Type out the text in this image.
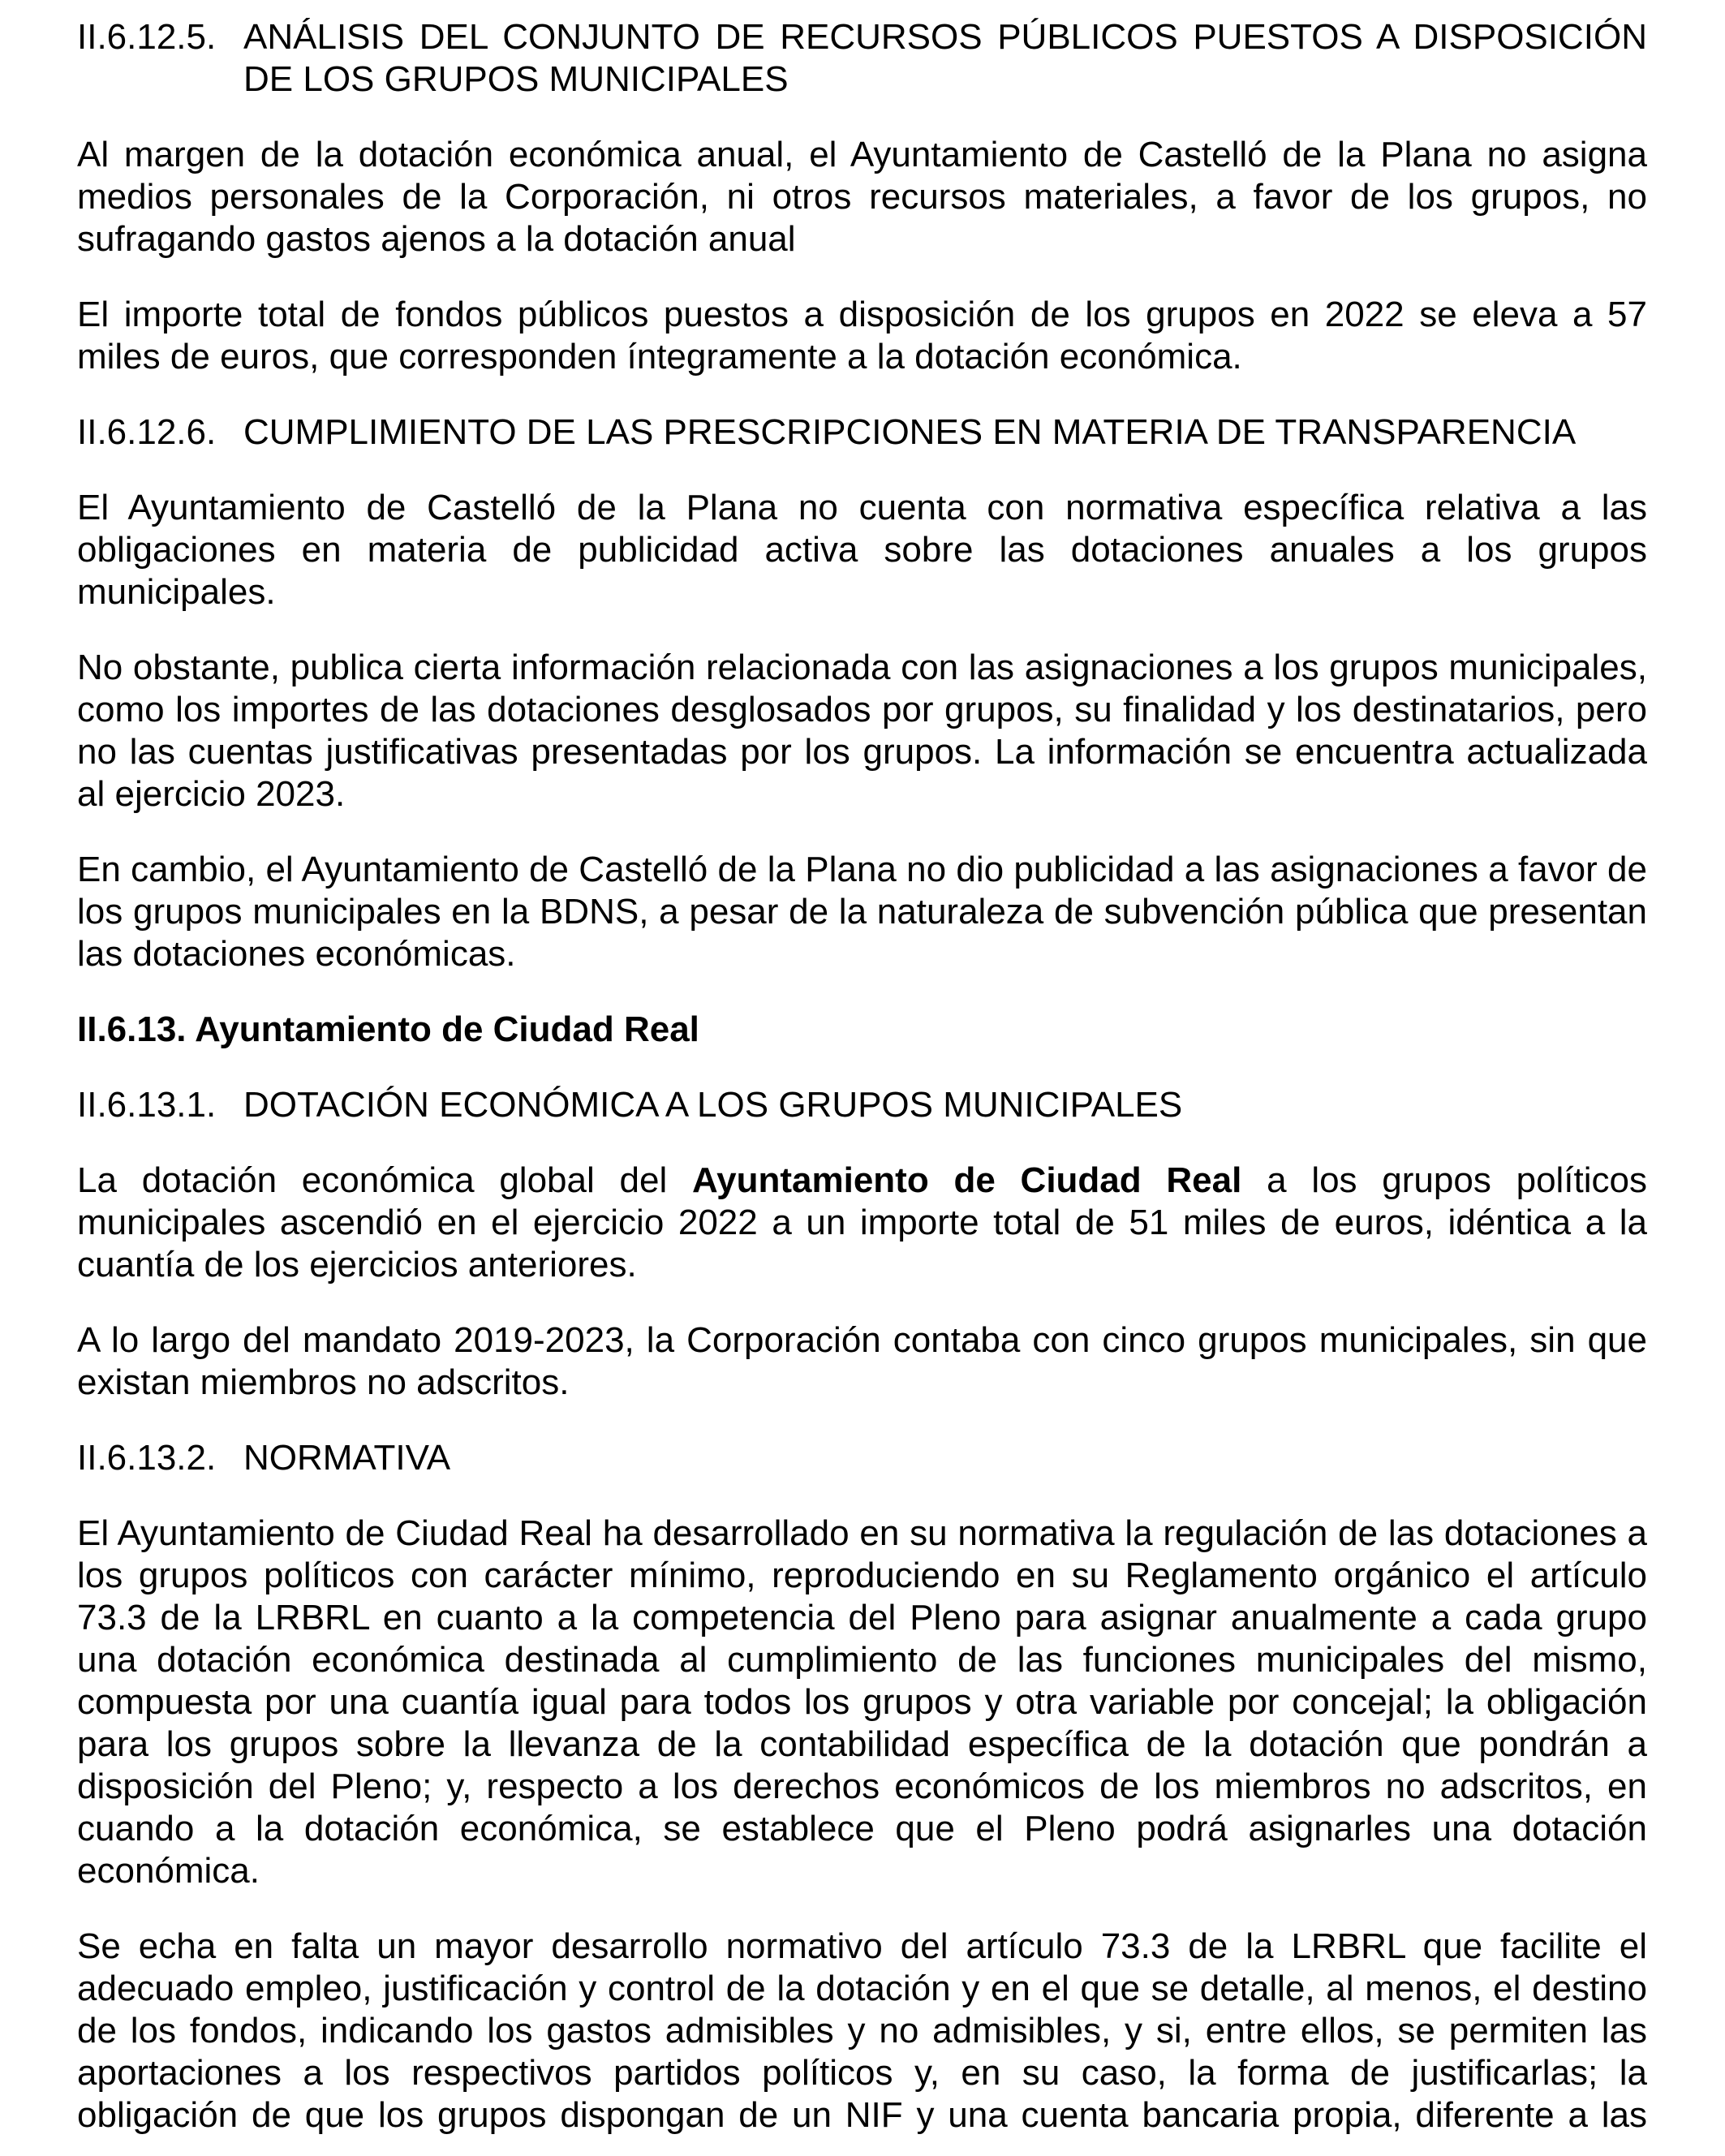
II.6.12.5. ANÁLISIS DEL CONJUNTO DE RECURSOS PÚBLICOS PUESTOS A DISPOSICIÓN DE LOS GRUPOS MUNICIPALES

Al margen de la dotación económica anual, el Ayuntamiento de Castelló de la Plana no asigna medios personales de la Corporación, ni otros recursos materiales, a favor de los grupos, no sufragando gastos ajenos a la dotación anual

El importe total de fondos públicos puestos a disposición de los grupos en 2022 se eleva a 57 miles de euros, que corresponden íntegramente a la dotación económica.

II.6.12.6. CUMPLIMIENTO DE LAS PRESCRIPCIONES EN MATERIA DE TRANSPARENCIA

El Ayuntamiento de Castelló de la Plana no cuenta con normativa específica relativa a las obligaciones en materia de publicidad activa sobre las dotaciones anuales a los grupos municipales.

No obstante, publica cierta información relacionada con las asignaciones a los grupos municipales, como los importes de las dotaciones desglosados por grupos, su finalidad y los destinatarios, pero no las cuentas justificativas presentadas por los grupos. La información se encuentra actualizada al ejercicio 2023.

En cambio, el Ayuntamiento de Castelló de la Plana no dio publicidad a las asignaciones a favor de los grupos municipales en la BDNS, a pesar de la naturaleza de subvención pública que presentan las dotaciones económicas.

II.6.13. Ayuntamiento de Ciudad Real
II.6.13.1. DOTACIÓN ECONÓMICA A LOS GRUPOS MUNICIPALES

La dotación económica global del Ayuntamiento de Ciudad Real a los grupos políticos municipales ascendió en el ejercicio 2022 a un importe total de 51 miles de euros, idéntica a la cuantía de los ejercicios anteriores.

A lo largo del mandato 2019-2023, la Corporación contaba con cinco grupos municipales, sin que existan miembros no adscritos.

II.6.13.2. NORMATIVA

El Ayuntamiento de Ciudad Real ha desarrollado en su normativa la regulación de las dotaciones a los grupos políticos con carácter mínimo, reproduciendo en su Reglamento orgánico el artículo 73.3 de la LRBRL en cuanto a la competencia del Pleno para asignar anualmente a cada grupo una dotación económica destinada al cumplimiento de las funciones municipales del mismo, compuesta por una cuantía igual para todos los grupos y otra variable por concejal; la obligación para los grupos sobre la llevanza de la contabilidad específica de la dotación que pondrán a disposición del Pleno; y, respecto a los derechos económicos de los miembros no adscritos, en cuando a la dotación económica, se establece que el Pleno podrá asignarles una dotación económica.

Se echa en falta un mayor desarrollo normativo del artículo 73.3 de la LRBRL que facilite el adecuado empleo, justificación y control de la dotación y en el que se detalle, al menos, el destino de los fondos, indicando los gastos admisibles y no admisibles, y si, entre ellos, se permiten las aportaciones a los respectivos partidos políticos y, en su caso, la forma de justificarlas; la obligación de que los grupos dispongan de un NIF y una cuenta bancaria propia, diferente a las
